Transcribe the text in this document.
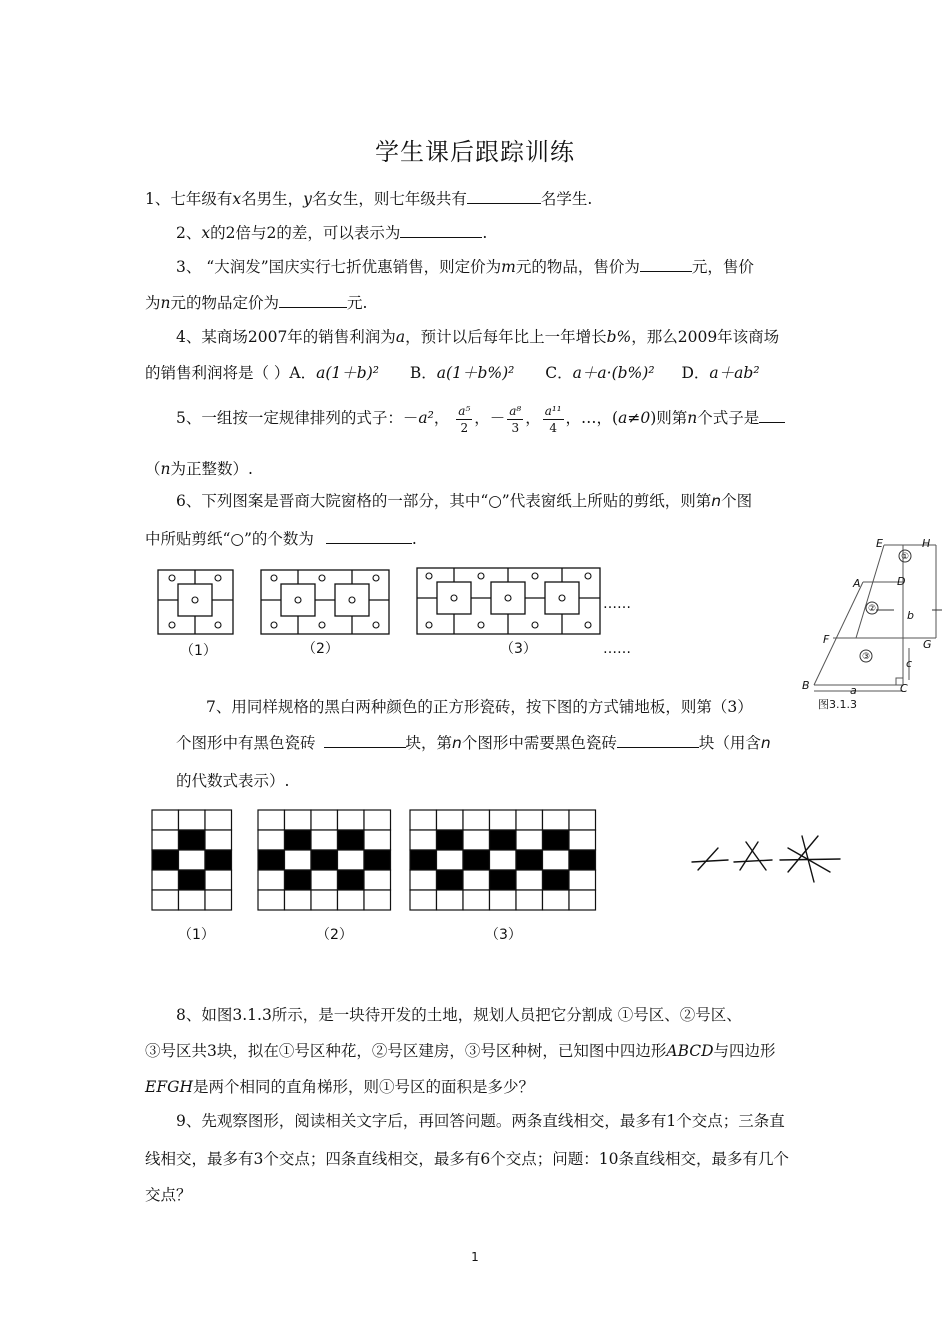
学生课后跟踪训练
1、七年级有x名男生，y名女生，则七年级共有	名学生.
2、x的2倍与2的差，可以表示为	.
3、 “大润发”国庆实行七折优惠销售，则定价为m元的物品，售价为	元，售价
为n元的物品定价为	元.
4、某商场2007年的销售利润为a，预计以后每年比上一年增长b%，那么2009年该商场
的销售利润将是（ ）A．a(1＋b)² B．a(1＋b%)² C．a＋a·(b%)² D．a＋ab²
5、一组按一定规律排列的式子：－a²， $\frac{\text{a⁵}}{2}$ ，－ $\frac{\text{a⁸}}{3}$ ， $\frac{\text{a¹¹}}{4}$ ，…，(a≠0)则第n个式子是
（n为正整数）.
6、下列图案是晋商大院窗格的一部分，其中“○”代表窗纸上所贴的剪纸，则第n个图
中所贴剪纸“○”的个数为	.
……
……
（1）	（2）	（3）
E	H
A	D
F	G
B	C
a
b
c
①
②
③
图3.1.3
7、用同样规格的黑白两种颜色的正方形瓷砖，按下图的方式铺地板，则第（3）
个图形中有黑色瓷砖	块，第n个图形中需要黑色瓷砖	块（用含n
的代数式表示）.
（1）	（2）	（3）
8、如图3.1.3所示，是一块待开发的土地，规划人员把它分割成 ①号区、②号区、
③号区共3块，拟在①号区种花，②号区建房，③号区种树，已知图中四边形ABCD与四边形
EFGH是两个相同的直角梯形，则①号区的面积是多少？
9、先观察图形，阅读相关文字后，再回答问题。两条直线相交，最多有1个交点；三条直
线相交，最多有3个交点；四条直线相交，最多有6个交点；问题：10条直线相交，最多有几个
交点？
1
